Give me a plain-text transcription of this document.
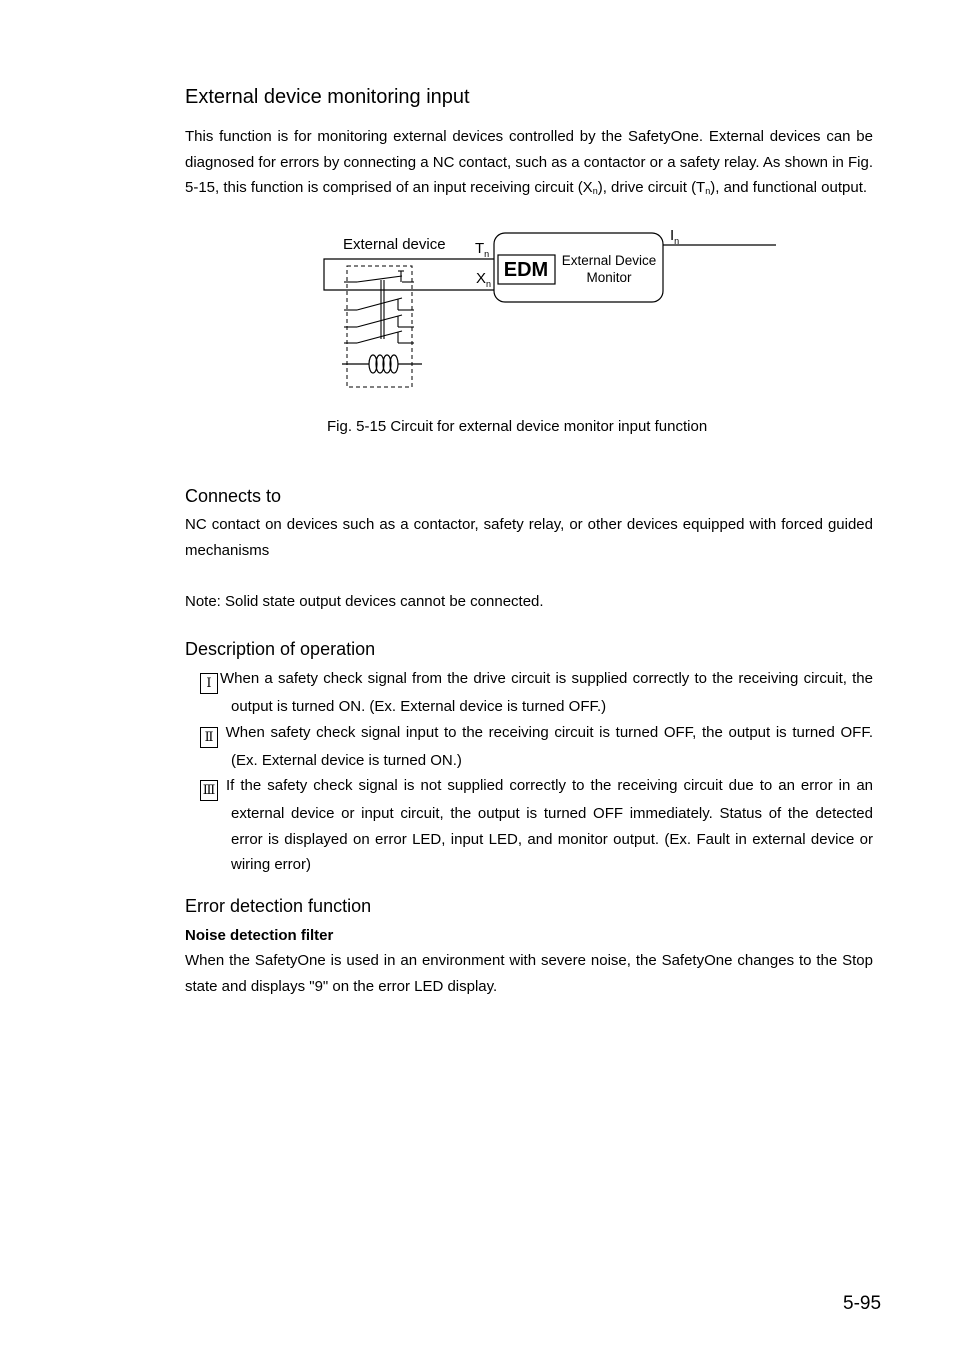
External device monitoring input

This function is for monitoring external devices controlled by the SafetyOne. External devices can be diagnosed for errors by connecting a NC contact, such as a contactor or a safety relay. As shown in Fig. 5-15, this function is comprised of an input receiving circuit $(X_n)$, drive circuit $(T_n)$, and functional output.

External device $T_n$
$X_n$
$I_n$
EDM External Device
Monitor

Fig. 5-15 Circuit for external device monitor input function

Connects to

NC contact on devices such as a contactor, safety relay, or other devices equipped with forced guided mechanisms

Note: Solid state output devices cannot be connected.

Description of operation
Ⅰ When a safety check signal from the drive circuit is supplied correctly to the receiving circuit, the output is turned ON. (Ex. External device is turned OFF.)
Ⅱ When safety check signal input to the receiving circuit is turned OFF, the output is turned OFF. (Ex. External device is turned ON.)
Ⅲ If the safety check signal is not supplied correctly to the receiving circuit due to an error in an external device or input circuit, the output is turned OFF immediately. Status of the detected error is displayed on error LED, input LED, and monitor output. (Ex. Fault in external device or wiring error)
Error detection function

Noise detection filter

When the SafetyOne is used in an environment with severe noise, the SafetyOne changes to the Stop state and displays "9" on the error LED display.

5-95
